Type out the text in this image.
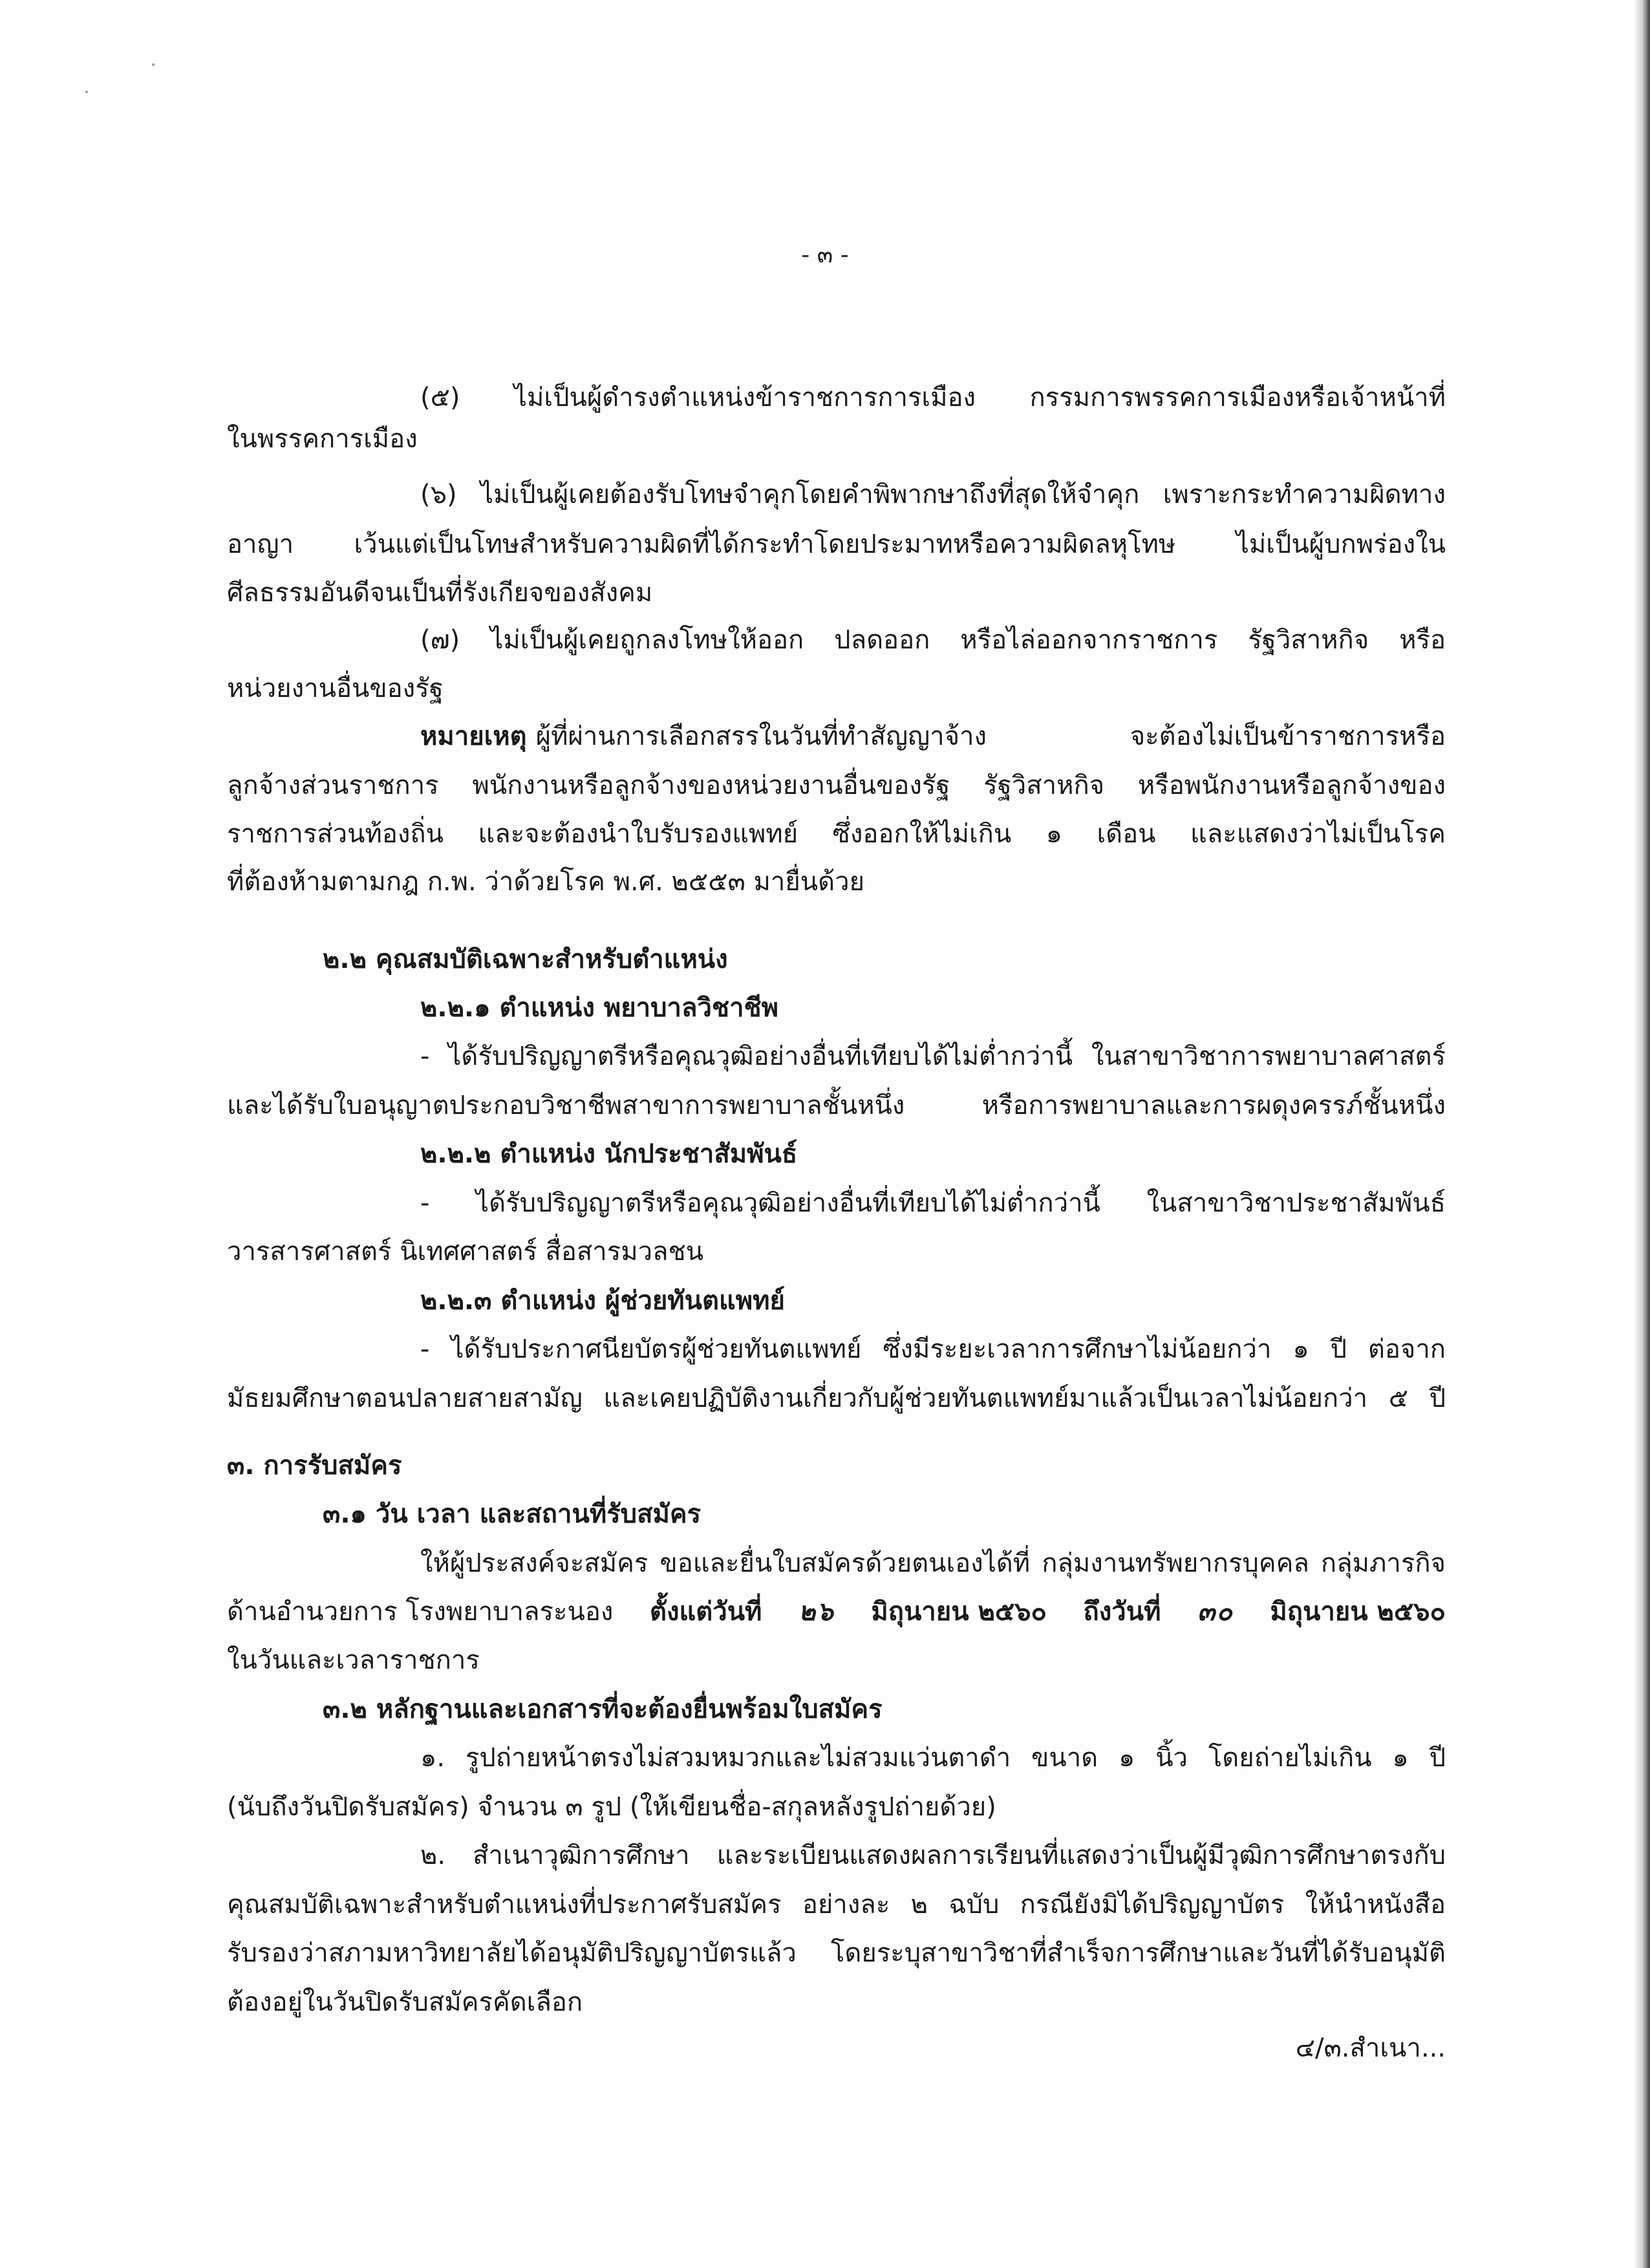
- ๓ -
(๕) ไม่เป็นผู้ดำรงตำแหน่งข้าราชการการเมือง กรรมการพรรคการเมืองหรือเจ้าหน้าที่
ในพรรคการเมือง
(๖) ไม่เป็นผู้เคยต้องรับโทษจำคุกโดยคำพิพากษาถึงที่สุดให้จำคุก เพราะกระทำความผิดทาง
อาญา เว้นแต่เป็นโทษสำหรับความผิดที่ได้กระทำโดยประมาทหรือความผิดลหุโทษ ไม่เป็นผู้บกพร่องใน
ศีลธรรมอันดีจนเป็นที่รังเกียจของสังคม
(๗) ไม่เป็นผู้เคยถูกลงโทษให้ออก ปลดออก หรือไล่ออกจากราชการ รัฐวิสาหกิจ หรือ
หน่วยงานอื่นของรัฐ
หมายเหตุ ผู้ที่ผ่านการเลือกสรรในวันที่ทำสัญญาจ้าง จะต้องไม่เป็นข้าราชการหรือ
ลูกจ้างส่วนราชการ พนักงานหรือลูกจ้างของหน่วยงานอื่นของรัฐ รัฐวิสาหกิจ หรือพนักงานหรือลูกจ้างของ
ราชการส่วนท้องถิ่น และจะต้องนำใบรับรองแพทย์ ซึ่งออกให้ไม่เกิน ๑ เดือน และแสดงว่าไม่เป็นโรค
ที่ต้องห้ามตามกฎ ก.พ. ว่าด้วยโรค พ.ศ. ๒๕๕๓ มายื่นด้วย
๒.๒ คุณสมบัติเฉพาะสำหรับตำแหน่ง
๒.๒.๑ ตำแหน่ง พยาบาลวิชาชีพ
- ได้รับปริญญาตรีหรือคุณวุฒิอย่างอื่นที่เทียบได้ไม่ต่ำกว่านี้ ในสาขาวิชาการพยาบาลศาสตร์
และได้รับใบอนุญาตประกอบวิชาชีพสาขาการพยาบาลชั้นหนึ่ง หรือการพยาบาลและการผดุงครรภ์ชั้นหนึ่ง
๒.๒.๒ ตำแหน่ง นักประชาสัมพันธ์
- ได้รับปริญญาตรีหรือคุณวุฒิอย่างอื่นที่เทียบได้ไม่ต่ำกว่านี้ ในสาขาวิชาประชาสัมพันธ์
วารสารศาสตร์ นิเทศศาสตร์ สื่อสารมวลชน
๒.๒.๓ ตำแหน่ง ผู้ช่วยทันตแพทย์
- ได้รับประกาศนียบัตรผู้ช่วยทันตแพทย์ ซึ่งมีระยะเวลาการศึกษาไม่น้อยกว่า ๑ ปี ต่อจาก
มัธยมศึกษาตอนปลายสายสามัญ และเคยปฏิบัติงานเกี่ยวกับผู้ช่วยทันตแพทย์มาแล้วเป็นเวลาไม่น้อยกว่า ๕ ปี
๓. การรับสมัคร
๓.๑ วัน เวลา และสถานที่รับสมัคร
ให้ผู้ประสงค์จะสมัคร ขอและยื่นใบสมัครด้วยตนเองได้ที่ กลุ่มงานทรัพยากรบุคคล กลุ่มภารกิจ
ด้านอำนวยการ โรงพยาบาลระนอง ตั้งแต่วันที่ ๒๖ มิถุนายน ๒๕๖๐ ถึงวันที่ ๓๐ มิถุนายน ๒๕๖๐
ในวันและเวลาราชการ
๓.๒ หลักฐานและเอกสารที่จะต้องยื่นพร้อมใบสมัคร
๑. รูปถ่ายหน้าตรงไม่สวมหมวกและไม่สวมแว่นตาดำ ขนาด ๑ นิ้ว โดยถ่ายไม่เกิน ๑ ปี
(นับถึงวันปิดรับสมัคร) จำนวน ๓ รูป (ให้เขียนชื่อ-สกุลหลังรูปถ่ายด้วย)
๒. สำเนาวุฒิการศึกษา และระเบียนแสดงผลการเรียนที่แสดงว่าเป็นผู้มีวุฒิการศึกษาตรงกับ
คุณสมบัติเฉพาะสำหรับตำแหน่งที่ประกาศรับสมัคร อย่างละ ๒ ฉบับ กรณียังมิได้ปริญญาบัตร ให้นำหนังสือ
รับรองว่าสภามหาวิทยาลัยได้อนุมัติปริญญาบัตรแล้ว โดยระบุสาขาวิชาที่สำเร็จการศึกษาและวันที่ได้รับอนุมัติ
ต้องอยู่ในวันปิดรับสมัครคัดเลือก
๔/๓.สำเนา...
